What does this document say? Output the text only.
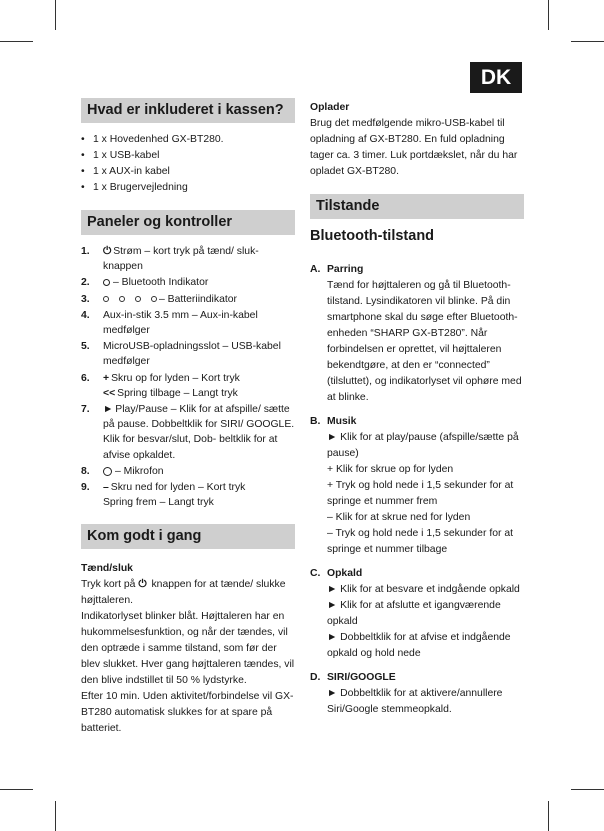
DK
Hvad er inkluderet i kassen?
• 1 x Hovedenhed GX-BT280.
• 1 x USB-kabel
• 1 x AUX-in kabel
• 1 x Brugervejledning
Paneler og kontroller
1.	⏻ Strøm – kort tryk på tænd/ sluk-knappen
2.	– Bluetooth Indikator
3.	– Batteriindikator
4.	Aux-in-stik 3.5 mm – Aux-in-kabel medfølger
5.	MicroUSB-opladningsslot – USB-kabel medfølger
6.	+ Skru op for lyden – Kort tryk
<< Spring tilbage – Langt tryk
7.	► Play/Pause – Klik for at afspille/ sætte på pause. Dobbeltklik for SIRI/ GOOGLE. Klik for besvar/slut, Dob- beltklik for at afvise opkaldet.
8.	– Mikrofon
9.	– Skru ned for lyden – Kort tryk
Spring frem – Langt tryk
Kom godt i gang

Tænd/sluk

Tryk kort på ⏻ knappen for at tænde/ slukke højttaleren.

Indikatorlyset blinker blåt. Højttaleren har en hukommelsesfunktion, og når der tændes, vil den optræde i samme tilstand, som før der blev slukket. Hver gang højttaleren tændes, vil den blive indstillet til 50 % lydstyrke.

Efter 10 min. Uden aktivitet/forbindelse vil GX-BT280 automatisk slukkes for at spare på batteriet.

Oplader

Brug det medfølgende mikro-USB-kabel til opladning af GX-BT280. En fuld opladning tager ca. 3 timer. Luk portdækslet, når du har opladet GX-BT280.

Tilstande
Bluetooth-tilstand
A. Parring
Tænd for højttaleren og gå til Bluetooth-tilstand. Lysindikatoren vil blinke. På din smartphone skal du søge efter Bluetooth-enheden “SHARP GX-BT280”. Når forbindelsen er oprettet, vil højttaleren bekendtgøre, at den er “connected” (tilsluttet), og indikatorlyset vil ophøre med at blinke.
B. Musik
► Klik for at play/pause (afspille/sætte på pause)
+ Klik for skrue op for lyden
+ Tryk og hold nede i 1,5 sekunder for at springe et nummer frem
– Klik for at skrue ned for lyden
– Tryk og hold nede i 1,5 sekunder for at springe et nummer tilbage
C. Opkald
► Klik for at besvare et indgående opkald
► Klik for at afslutte et igangværende opkald
► Dobbeltklik for at afvise et indgående opkald og hold nede
D. SIRI/GOOGLE
► Dobbeltklik for at aktivere/annullere Siri/Google stemmeopkald.
